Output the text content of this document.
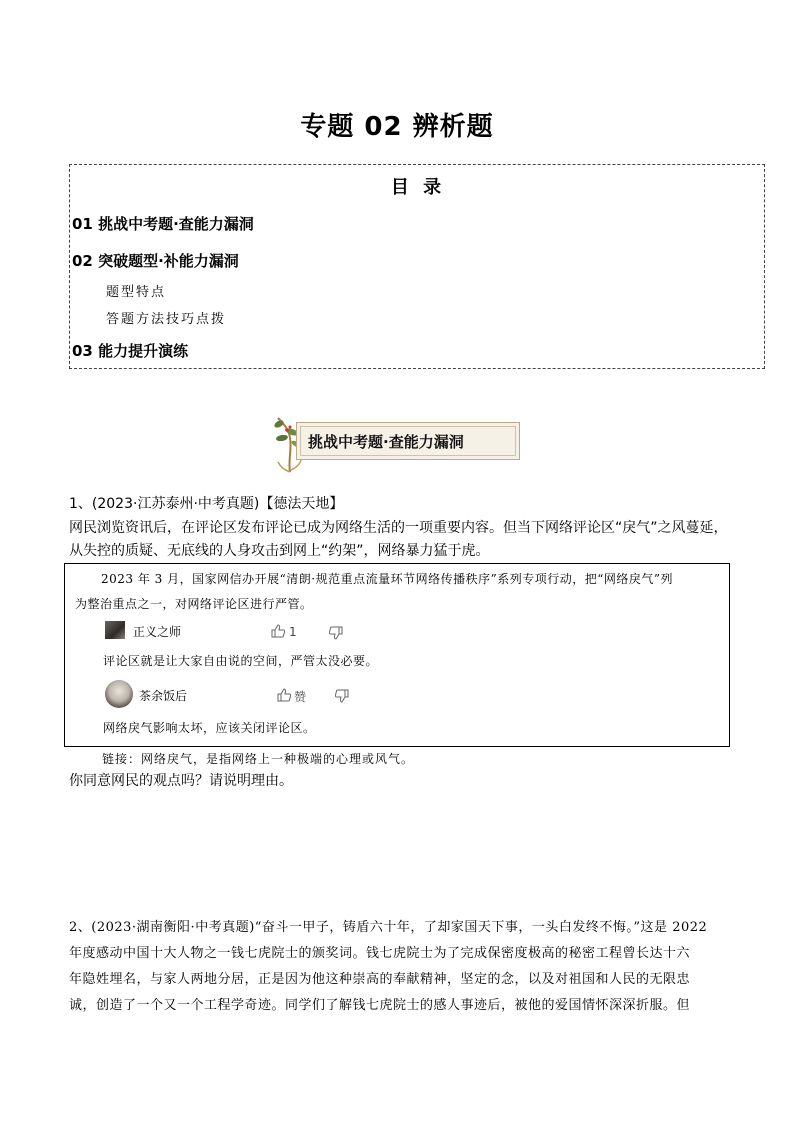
专题 02 辨析题
目 录
01 挑战中考题·查能力漏洞
02 突破题型·补能力漏洞
题型特点
答题方法技巧点拨
03 能力提升演练
挑战中考题·查能力漏洞
1、(2023·江苏泰州·中考真题)【德法天地】
网民浏览资讯后，在评论区发布评论已成为网络生活的一项重要内容。但当下网络评论区“戾气”之风蔓延，
从失控的质疑、无底线的人身攻击到网上“约架”，网络暴力猛于虎。
2023 年 3 月，国家网信办开展“清朗·规范重点流量环节网络传播秩序”系列专项行动，把“网络戾气”列
为整治重点之一，对网络评论区进行严管。
正义之师	1
评论区就是让大家自由说的空间，严管太没必要。
茶余饭后	赞
网络戾气影响太坏，应该关闭评论区。
链接：网络戾气，是指网络上一种极端的心理或风气。
你同意网民的观点吗？请说明理由。
2、(2023·湖南衡阳·中考真题)“奋斗一甲子，铸盾六十年，了却家国天下事，一头白发终不悔。”这是 2022
年度感动中国十大人物之一钱七虎院士的颁奖词。钱七虎院士为了完成保密度极高的秘密工程曾长达十六
年隐姓埋名，与家人两地分居，正是因为他这种崇高的奉献精神，坚定的念，以及对祖国和人民的无限忠
诚，创造了一个又一个工程学奇迹。同学们了解钱七虎院士的感人事迹后，被他的爱国情怀深深折服。但
